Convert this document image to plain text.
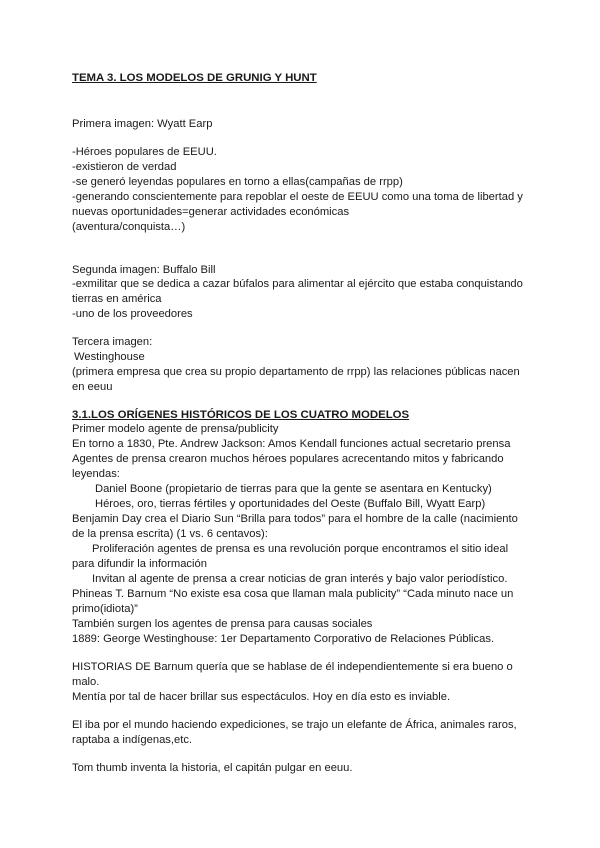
TEMA 3. LOS MODELOS DE GRUNIG Y HUNT
Primera imagen: Wyatt Earp
-Héroes populares de EEUU.
-existieron de verdad
-se generó leyendas populares en torno a ellas(campañas de rrpp)
-generando conscientemente para repoblar el oeste de EEUU como una toma de libertad y
nuevas oportunidades=generar actividades económicas
(aventura/conquista…)
Segunda imagen: Buffalo Bill
-exmilitar que se dedica a cazar búfalos para alimentar al ejército que estaba conquistando
tierras en américa
-uno de los proveedores
Tercera imagen:
Westinghouse
(primera empresa que crea su propio departamento de rrpp) las relaciones públicas nacen
en eeuu
3.1.LOS ORÍGENES HISTÓRICOS DE LOS CUATRO MODELOS
Primer modelo agente de prensa/publicity
En torno a 1830, Pte. Andrew Jackson: Amos Kendall funciones actual secretario prensa
Agentes de prensa crearon muchos héroes populares acrecentando mitos y fabricando
leyendas:
Daniel Boone (propietario de tierras para que la gente se asentara en Kentucky)
Héroes, oro, tierras fértiles y oportunidades del Oeste (Buffalo Bill, Wyatt Earp)
Benjamin Day crea el Diario Sun “Brilla para todos” para el hombre de la calle (nacimiento
de la prensa escrita) (1 vs. 6 centavos):
Proliferación agentes de prensa es una revolución porque encontramos el sitio ideal
para difundir la información
Invitan al agente de prensa a crear noticias de gran interés y bajo valor periodístico.
Phineas T. Barnum “No existe esa cosa que llaman mala publicity” “Cada minuto nace un
primo(idiota)”
También surgen los agentes de prensa para causas sociales
1889: George Westinghouse: 1er Departamento Corporativo de Relaciones Públicas.
HISTORIAS DE Barnum quería que se hablase de él independientemente si era bueno o
malo.
Mentía por tal de hacer brillar sus espectáculos. Hoy en día esto es inviable.
El iba por el mundo haciendo expediciones, se trajo un elefante de África, animales raros,
raptaba a indígenas,etc.
Tom thumb inventa la historia, el capitán pulgar en eeuu.
